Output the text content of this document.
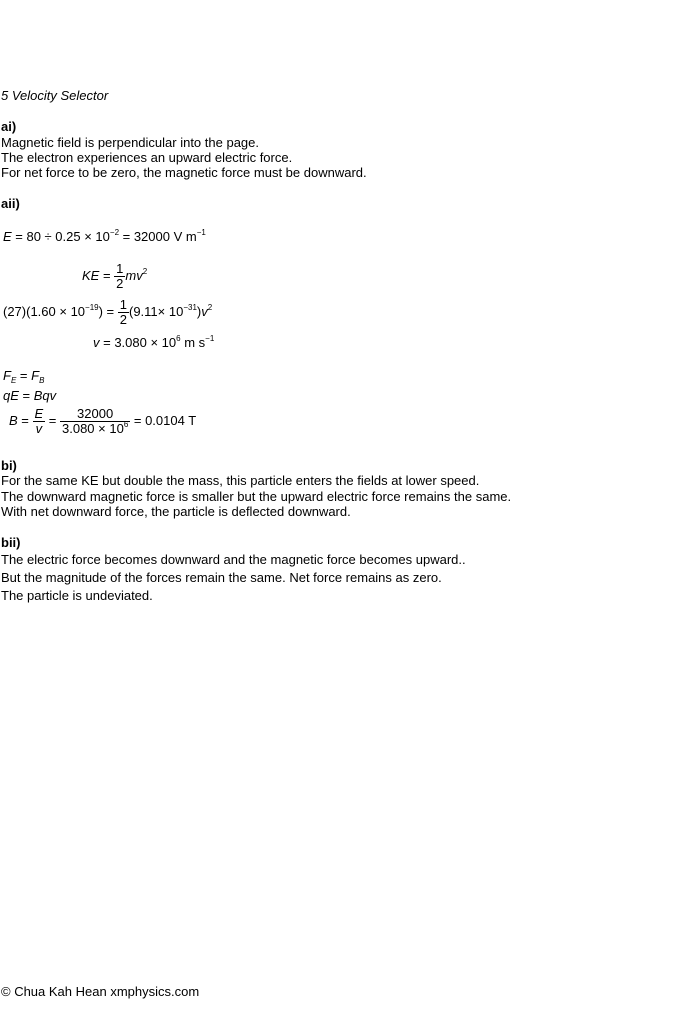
5 Velocity Selector
ai)
Magnetic field is perpendicular into the page.
The electron experiences an upward electric force.
For net force to be zero, the magnetic force must be downward.
aii)
$E = 80 \div 0.25 \times 10^{-2} = 32000$ V $m^{-1}$
KE = $\frac{1}{2} mv^2$
$(27)(1.60 \times 10^{-19}) = \frac{1}{2} (9.11\times 10^{-31})v^2$
$v = 3.080 \times 10^6$ m $s^{-1}$
$F_E = F_B$
qE = Bqv
$B = \frac{E}{v} = \frac{32000}{3.080 \times 10^6} = 0.0104$ T
bi)
For the same KE but double the mass, this particle enters the fields at lower speed.
The downward magnetic force is smaller but the upward electric force remains the same.
With net downward force, the particle is deflected downward.
bii)
The electric force becomes downward and the magnetic force becomes upward..
But the magnitude of the forces remain the same. Net force remains as zero.
The particle is undeviated.
© Chua Kah Hean xmphysics.com
